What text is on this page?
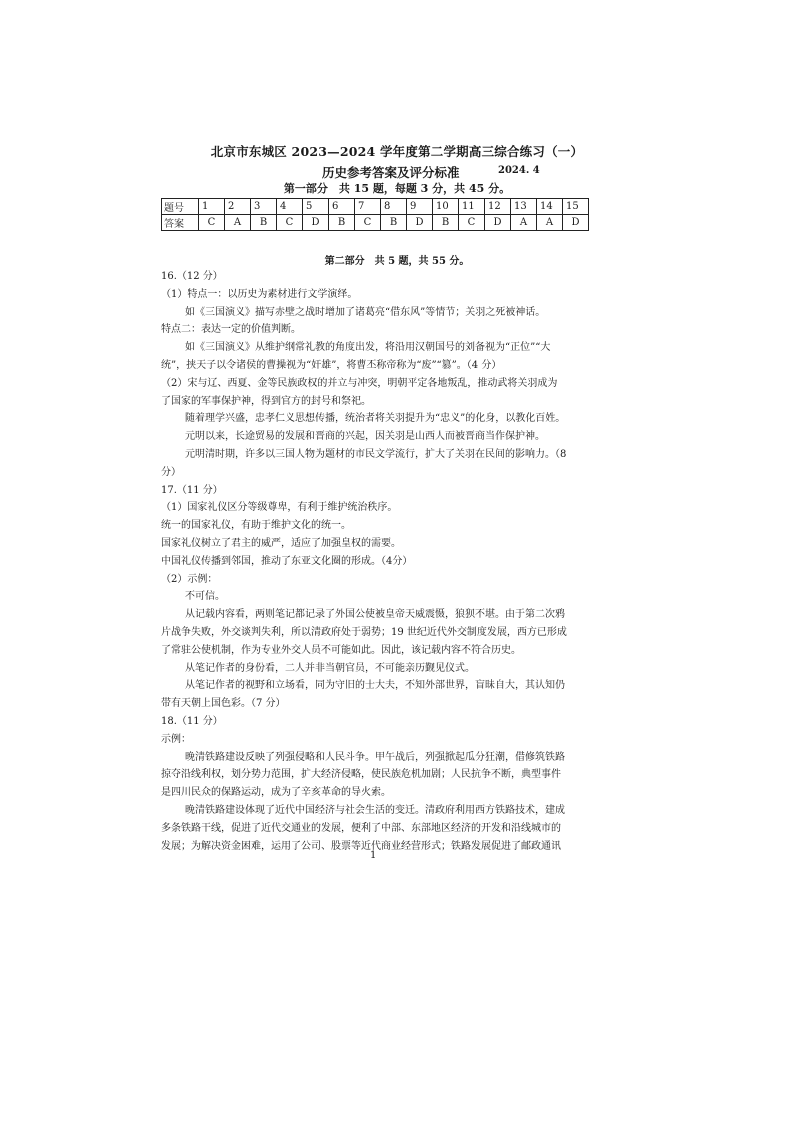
北京市东城区 2023—2024 学年度第二学期高三综合练习（一）
历史参考答案及评分标准	2024. 4
第一部分　共 15 题，每题 3 分，共 45 分。
题号	1	2	3	4	5	6	7	8	9	10	11	12	13	14	15
答案	C	A	B	C	D	B	C	B	D	B	C	D	A	A	D
第二部分　共 5 题，共 55 分。
16.（12 分）
（1）特点一：以历史为素材进行文学演绎。
如《三国演义》描写赤壁之战时增加了诸葛亮“借东风”等情节；关羽之死被神话。
特点二：表达一定的价值判断。
如《三国演义》从维护纲常礼教的角度出发，将沿用汉朝国号的刘备视为“正位”“大
统”，挟天子以令诸侯的曹操视为“奸雄”，将曹丕称帝称为“废”“篡”。（4 分）
（2）宋与辽、西夏、金等民族政权的并立与冲突，明朝平定各地叛乱，推动武将关羽成为
了国家的军事保护神，得到官方的封号和祭祀。
随着理学兴盛，忠孝仁义思想传播，统治者将关羽提升为“忠义”的化身，以教化百姓。
元明以来，长途贸易的发展和晋商的兴起，因关羽是山西人而被晋商当作保护神。
元明清时期，许多以三国人物为题材的市民文学流行，扩大了关羽在民间的影响力。（8
分）
17.（11 分）
（1）国家礼仪区分等级尊卑，有利于维护统治秩序。
统一的国家礼仪，有助于维护文化的统一。
国家礼仪树立了君主的威严，适应了加强皇权的需要。
中国礼仪传播到邻国，推动了东亚文化圈的形成。（4分）
（2）示例：
不可信。
从记载内容看，两则笔记都记录了外国公使被皇帝天威震慑，狼狈不堪。由于第二次鸦
片战争失败，外交谈判失利，所以清政府处于弱势；19 世纪近代外交制度发展，西方已形成
了常驻公使机制，作为专业外交人员不可能如此。因此，该记载内容不符合历史。
从笔记作者的身份看，二人并非当朝官员，不可能亲历觐见仪式。
从笔记作者的视野和立场看，同为守旧的士大夫，不知外部世界，盲昧自大，其认知仍
带有天朝上国色彩。（7 分）
18.（11 分）
示例：
晚清铁路建设反映了列强侵略和人民斗争。甲午战后，列强掀起瓜分狂潮，借修筑铁路
掠夺沿线利权，划分势力范围，扩大经济侵略，使民族危机加剧；人民抗争不断，典型事件
是四川民众的保路运动，成为了辛亥革命的导火索。
晚清铁路建设体现了近代中国经济与社会生活的变迁。清政府利用西方铁路技术，建成
多条铁路干线，促进了近代交通业的发展，便利了中部、东部地区经济的开发和沿线城市的
发展；为解决资金困难，运用了公司、股票等近代商业经营形式；铁路发展促进了邮政通讯
1
